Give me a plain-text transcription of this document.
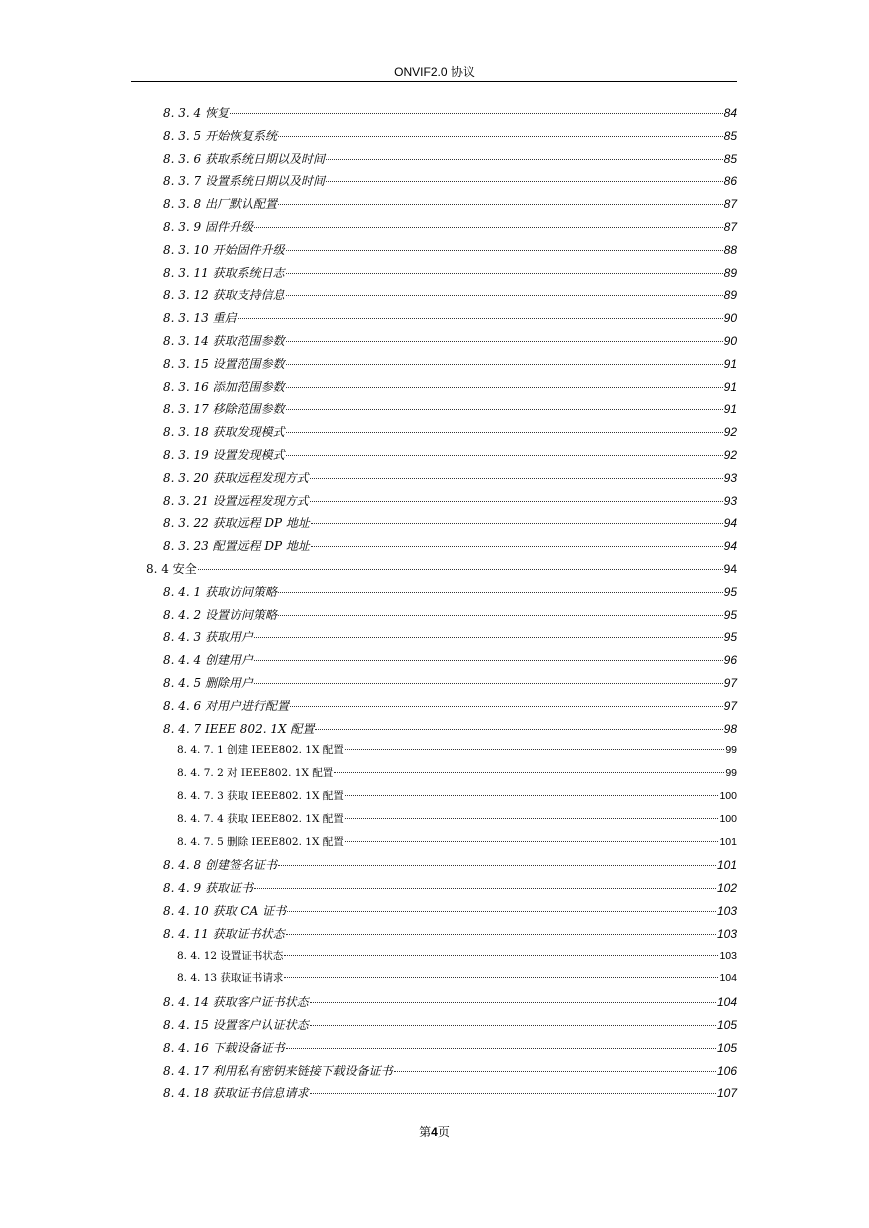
ONVIF2.0 协议
8. 3. 4 恢复	84
8. 3. 5 开始恢复系统	85
8. 3. 6 获取系统日期以及时间	85
8. 3. 7 设置系统日期以及时间	86
8. 3. 8 出厂默认配置	87
8. 3. 9 固件升级	87
8. 3. 10 开始固件升级	88
8. 3. 11 获取系统日志	89
8. 3. 12 获取支持信息	89
8. 3. 13 重启	90
8. 3. 14 获取范围参数	90
8. 3. 15 设置范围参数	91
8. 3. 16 添加范围参数	91
8. 3. 17 移除范围参数	91
8. 3. 18 获取发现模式	92
8. 3. 19 设置发现模式	92
8. 3. 20 获取远程发现方式	93
8. 3. 21 设置远程发现方式	93
8. 3. 22 获取远程 DP 地址	94
8. 3. 23 配置远程 DP 地址	94
8. 4 安全	94
8. 4. 1 获取访问策略	95
8. 4. 2 设置访问策略	95
8. 4. 3 获取用户	95
8. 4. 4 创建用户	96
8. 4. 5 删除用户	97
8. 4. 6 对用户进行配置	97
8. 4. 7 IEEE 802. 1X 配置	98
8. 4. 7. 1 创建 IEEE802. 1X 配置	99
8. 4. 7. 2 对 IEEE802. 1X 配置	99
8. 4. 7. 3 获取 IEEE802. 1X 配置	100
8. 4. 7. 4 获取 IEEE802. 1X 配置	100
8. 4. 7. 5 删除 IEEE802. 1X 配置	101
8. 4. 8 创建签名证书	101
8. 4. 9 获取证书	102
8. 4. 10 获取 CA 证书	103
8. 4. 11 获取证书状态	103
8. 4. 12 设置证书状态	103
8. 4. 13 获取证书请求	104
8. 4. 14 获取客户证书状态	104
8. 4. 15 设置客户认证状态	105
8. 4. 16 下载设备证书	105
8. 4. 17 利用私有密钥来链接下载设备证书	106
8. 4. 18 获取证书信息请求	107
第4页
